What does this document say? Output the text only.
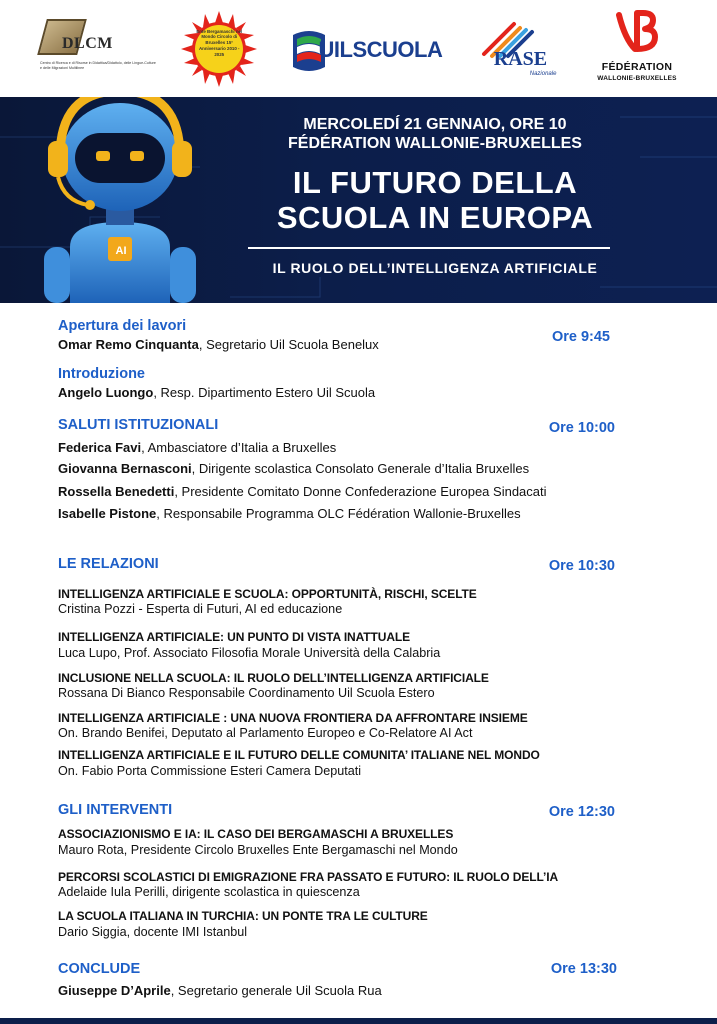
DLCM
Centro di Ricerca e di Risorse in Didattica/Didattolo, delle Lingue-Culture e delle Migrazioni Multilinee
Ente Bergamaschi nel Mondo Circolo di Bruxelles 15° Anniversario 2010 - 2025	UILSCUOLA	RASE
Nazionale
FÉDÉRATION
WALLONIE-BRUXELLES
AI
MERCOLEDÍ 21 GENNAIO, ORE 10
FÉDÉRATION WALLONIE-BRUXELLES
IL FUTURO DELLA
SCUOLA IN EUROPA
IL RUOLO DELL’INTELLIGENZA ARTIFICIALE
Apertura dei lavori
Ore 9:45
Omar Remo Cinquanta, Segretario Uil Scuola Benelux
Introduzione
Angelo Luongo, Resp. Dipartimento Estero Uil Scuola
SALUTI ISTITUZIONALI	Ore 10:00
Federica Favi, Ambasciatore d’Italia a Bruxelles
Giovanna Bernasconi, Dirigente scolastica Consolato Generale d’Italia Bruxelles
Rossella Benedetti, Presidente Comitato Donne Confederazione Europea Sindacati
Isabelle Pistone, Responsabile Programma OLC Fédération Wallonie-Bruxelles
LE RELAZIONI	Ore 10:30
INTELLIGENZA ARTIFICIALE E SCUOLA: OPPORTUNITÀ, RISCHI, SCELTE
Cristina Pozzi - Esperta di Futuri, AI ed educazione
INTELLIGENZA ARTIFICIALE: UN PUNTO DI VISTA INATTUALE
Luca Lupo, Prof. Associato Filosofia Morale Università della Calabria
INCLUSIONE NELLA SCUOLA: IL RUOLO DELL’INTELLIGENZA ARTIFICIALE
Rossana Di Bianco Responsabile Coordinamento Uil Scuola Estero
INTELLIGENZA ARTIFICIALE : UNA NUOVA FRONTIERA DA AFFRONTARE INSIEME
On. Brando Benifei, Deputato al Parlamento Europeo e Co-Relatore AI Act
INTELLIGENZA ARTIFICIALE E IL FUTURO DELLE COMUNITA’ ITALIANE NEL MONDO
On. Fabio Porta Commissione Esteri Camera Deputati
GLI INTERVENTI	Ore 12:30
ASSOCIAZIONISMO E IA: IL CASO DEI BERGAMASCHI A BRUXELLES
Mauro Rota, Presidente Circolo Bruxelles Ente Bergamaschi nel Mondo
PERCORSI SCOLASTICI DI EMIGRAZIONE FRA PASSATO E FUTURO: IL RUOLO DELL’IA
Adelaide Iula Perilli, dirigente scolastica in quiescenza
LA SCUOLA ITALIANA IN TURCHIA: UN PONTE TRA LE CULTURE
Dario Siggia, docente IMI Istanbul
CONCLUDE	Ore 13:30
Giuseppe D’Aprile, Segretario generale Uil Scuola Rua
